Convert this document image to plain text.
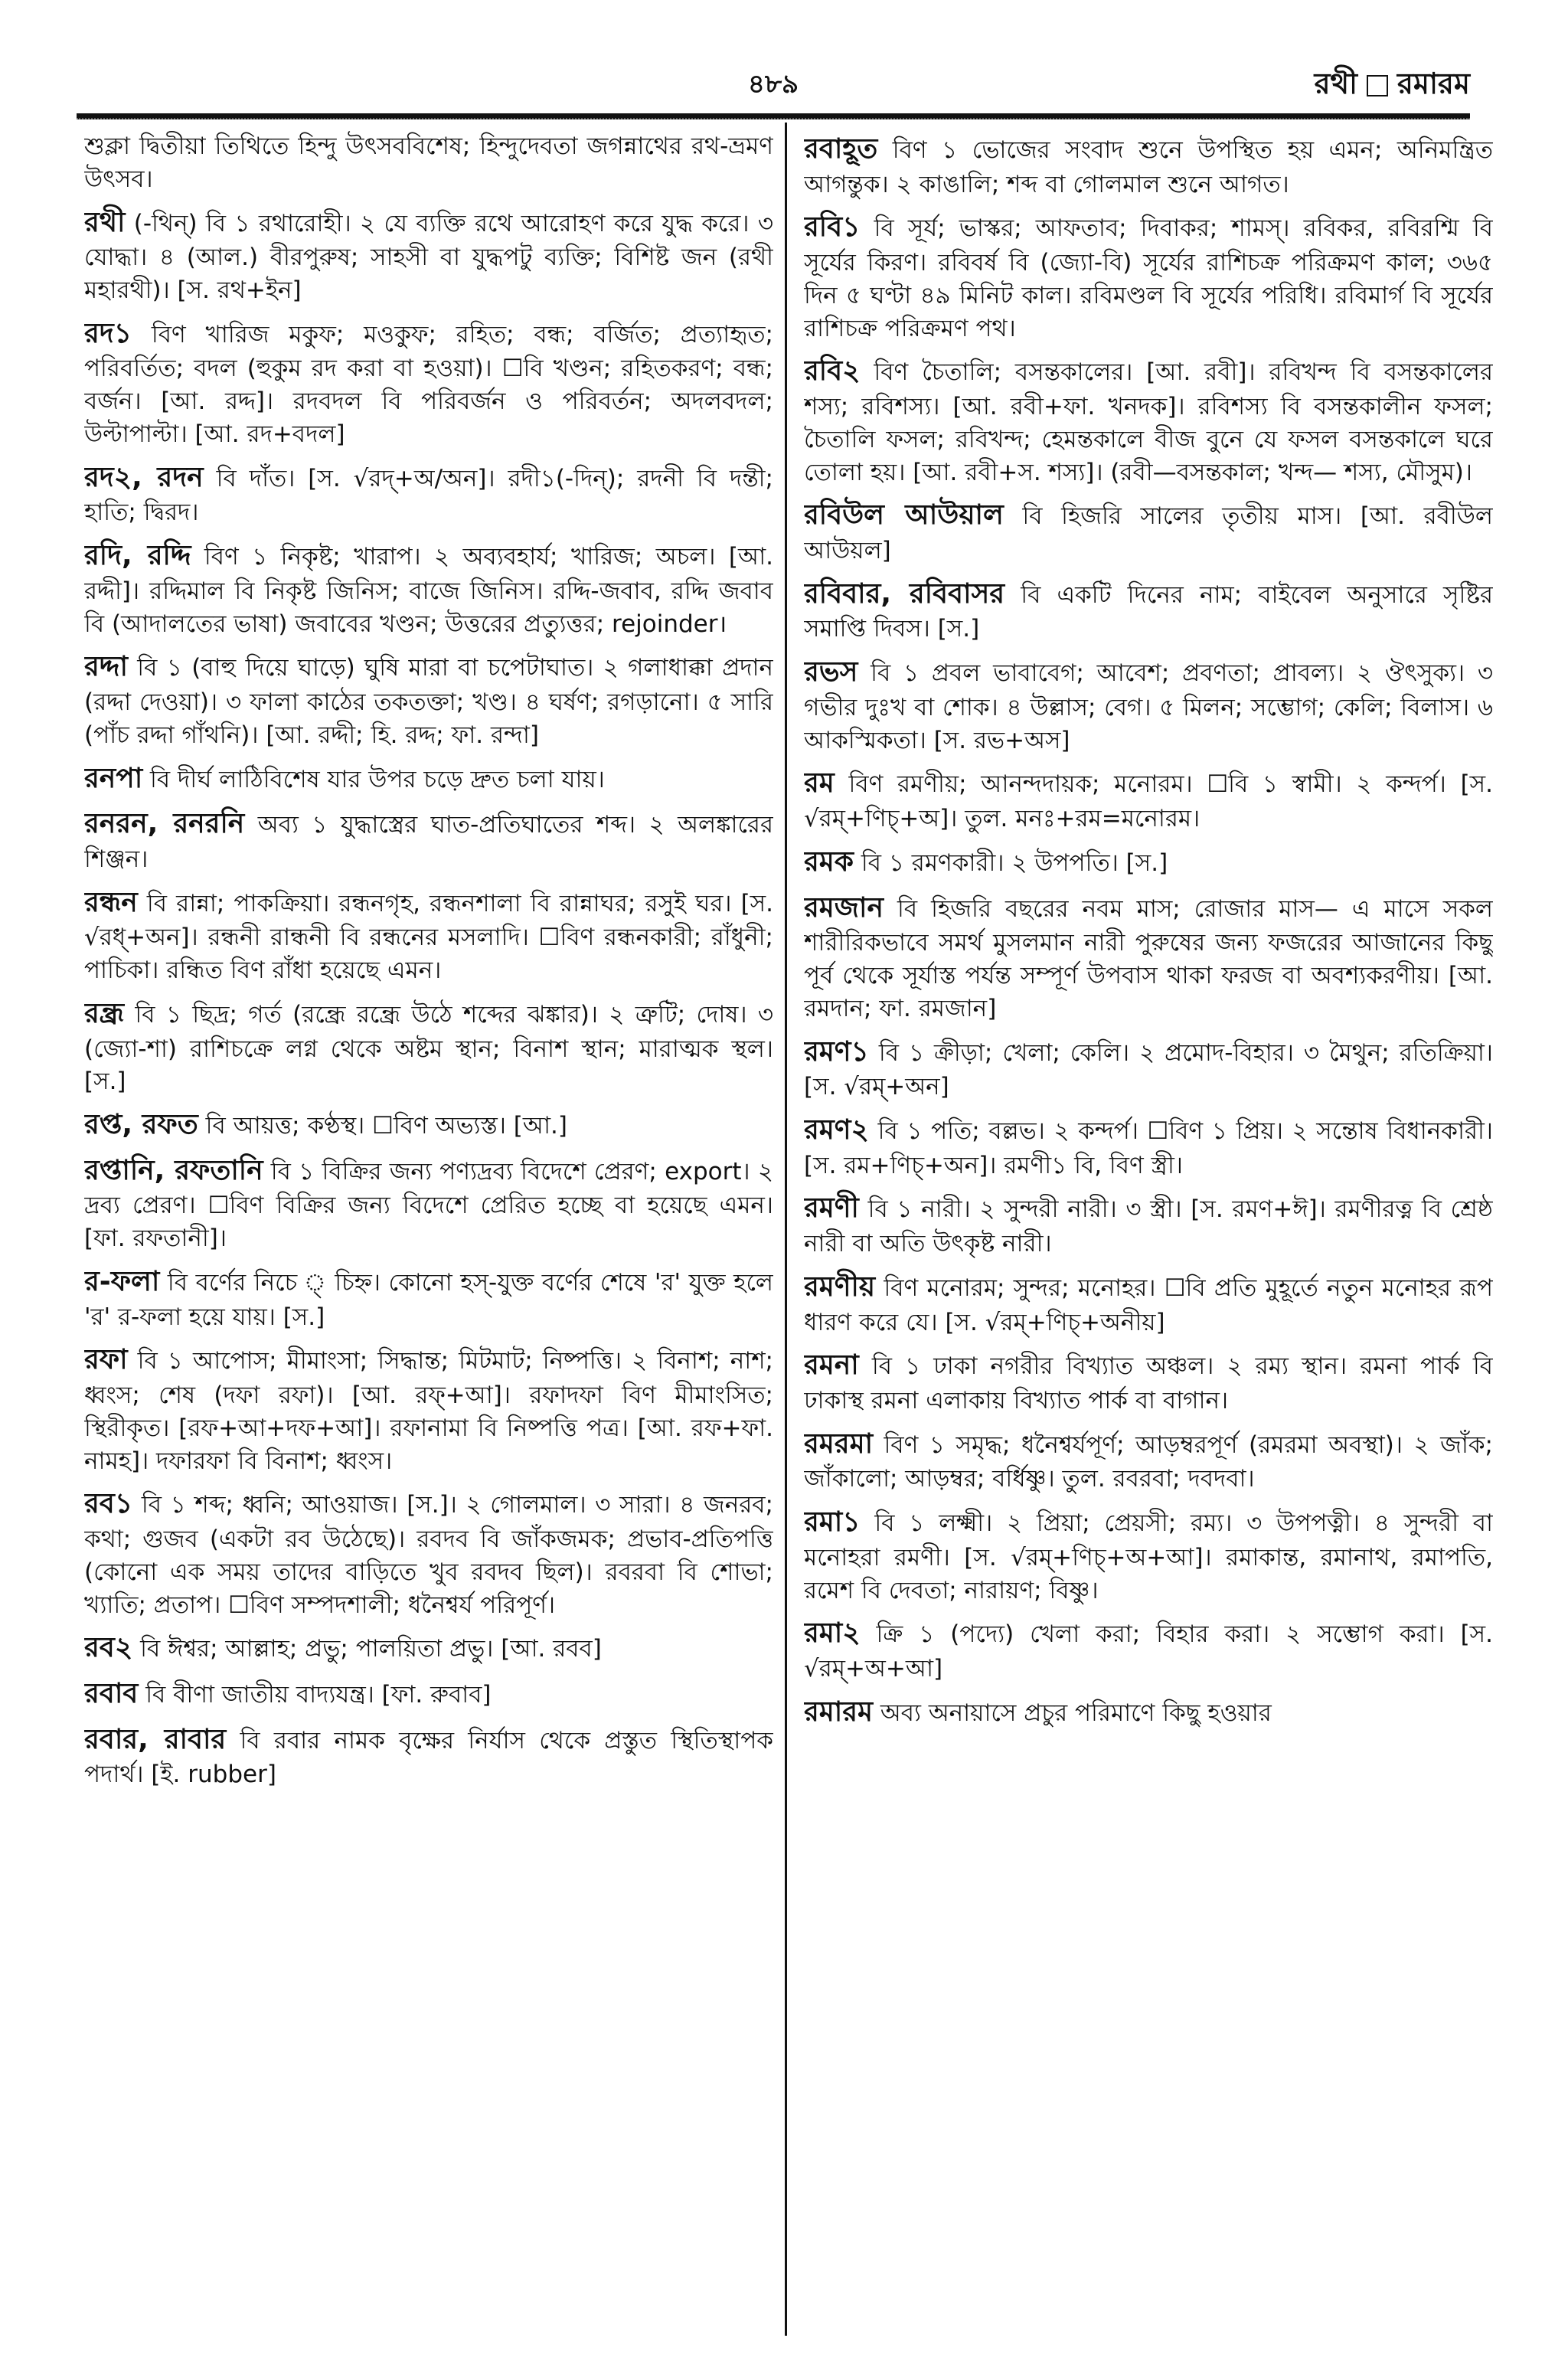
৪৮৯	রথী রমারম

শুক্লা দ্বিতীয়া তিথিতে হিন্দু উৎসববিশেষ; হিন্দুদেবতা জগন্নাথের রথ-ভ্রমণ উৎসব।

রথী (-থিন্) বি ১ রথারোহী। ২ যে ব্যক্তি রথে আরোহণ করে যুদ্ধ করে। ৩ যোদ্ধা। ৪ (আল.) বীরপুরুষ; সাহসী বা যুদ্ধপটু ব্যক্তি; বিশিষ্ট জন (রথী মহারথী)। [স. রথ+ইন]

রদ১ বিণ খারিজ মকুফ; মওকুফ; রহিত; বন্ধ; বর্জিত; প্রত্যাহৃত; পরিবর্তিত; বদল (হুকুম রদ করা বা হওয়া)। ☐বি খণ্ডন; রহিতকরণ; বন্ধ; বর্জন। [আ. রদ্দ]। রদবদল বি পরিবর্জন ও পরিবর্তন; অদলবদল; উল্টাপাল্টা। [আ. রদ+বদল]

রদ২, রদন বি দাঁত। [স. √রদ্+অ/অন]। রদী১(-দিন্); রদনী বি দন্তী; হাতি; দ্বিরদ।

রদি, রদ্দি বিণ ১ নিকৃষ্ট; খারাপ। ২ অব্যবহার্য; খারিজ; অচল। [আ. রদ্দী]। রদ্দিমাল বি নিকৃষ্ট জিনিস; বাজে জিনিস। রদ্দি-জবাব, রদ্দি জবাব বি (আদালতের ভাষা) জবাবের খণ্ডন; উত্তরের প্রত্যুত্তর; rejoinder।

রদ্দা বি ১ (বাহু দিয়ে ঘাড়ে) ঘুষি মারা বা চপেটাঘাত। ২ গলাধাক্কা প্রদান (রদ্দা দেওয়া)। ৩ ফালা কাঠের তকতক্তা; খণ্ড। ৪ ঘর্ষণ; রগড়ানো। ৫ সারি (পাঁচ রদ্দা গাঁথনি)। [আ. রদ্দী; হি. রদ্দ; ফা. রন্দা]

রনপা বি দীর্ঘ লাঠিবিশেষ যার উপর চড়ে দ্রুত চলা যায়।

রনরন, রনরনি অব্য ১ যুদ্ধাস্ত্রের ঘাত-প্রতিঘাতের শব্দ। ২ অলঙ্কারের শিঞ্জন।

রন্ধন বি রান্না; পাকক্রিয়া। রন্ধনগৃহ, রন্ধনশালা বি রান্নাঘর; রসুই ঘর। [স. √রধ্+অন]। রন্ধনী রান্ধনী বি রন্ধনের মসলাদি। ☐বিণ রন্ধনকারী; রাঁধুনী; পাচিকা। রন্ধিত বিণ রাঁধা হয়েছে এমন।

রন্ধ্র বি ১ ছিদ্র; গর্ত (রন্ধ্রে রন্ধ্রে উঠে শব্দের ঝঙ্কার)। ২ ত্রুটি; দোষ। ৩ (জ্যো-শা) রাশিচক্রে লগ্ন থেকে অষ্টম স্থান; বিনাশ স্থান; মারাত্মক স্থল। [স.]

রপ্ত, রফত বি আয়ত্ত; কণ্ঠস্থ। ☐বিণ অভ্যস্ত। [আ.]

রপ্তানি, রফতানি বি ১ বিক্রির জন্য পণ্যদ্রব্য বিদেশে প্রেরণ; export। ২ দ্রব্য প্রেরণ। ☐বিণ বিক্রির জন্য বিদেশে প্রেরিত হচ্ছে বা হয়েছে এমন। [ফা. রফতানী]।

র-ফলা বি বর্ণের নিচে ্ চিহ্ন। কোনো হস্-যুক্ত বর্ণের শেষে 'র' যুক্ত হলে 'র' র-ফলা হয়ে যায়। [স.]

রফা বি ১ আপোস; মীমাংসা; সিদ্ধান্ত; মিটমাট; নিষ্পত্তি। ২ বিনাশ; নাশ; ধ্বংস; শেষ (দফা রফা)। [আ. রফ্+আ]। রফাদফা বিণ মীমাংসিত; স্থিরীকৃত। [রফ+আ+দফ+আ]। রফানামা বি নিষ্পত্তি পত্র। [আ. রফ+ফা. নামহ]। দফারফা বি বিনাশ; ধ্বংস।

রব১ বি ১ শব্দ; ধ্বনি; আওয়াজ। [স.]। ২ গোলমাল। ৩ সারা। ৪ জনরব; কথা; গুজব (একটা রব উঠেছে)। রবদব বি জাঁকজমক; প্রভাব-প্রতিপত্তি (কোনো এক সময় তাদের বাড়িতে খুব রবদব ছিল)। রবরবা বি শোভা; খ্যাতি; প্রতাপ। ☐বিণ সম্পদশালী; ধনৈশ্বর্য পরিপূর্ণ।

রব২ বি ঈশ্বর; আল্লাহ; প্রভু; পালয়িতা প্রভু। [আ. রবব]

রবাব বি বীণা জাতীয় বাদ্যযন্ত্র। [ফা. রুবাব]

রবার, রাবার বি রবার নামক বৃক্ষের নির্যাস থেকে প্রস্তুত স্থিতিস্থাপক পদার্থ। [ই. rubber]

রবাহূত বিণ ১ ভোজের সংবাদ শুনে উপস্থিত হয় এমন; অনিমন্ত্রিত আগন্তুক। ২ কাঙালি; শব্দ বা গোলমাল শুনে আগত।

রবি১ বি সূর্য; ভাস্কর; আফতাব; দিবাকর; শামস্। রবিকর, রবিরশ্মি বি সূর্যের কিরণ। রবিবর্ষ বি (জ্যো-বি) সূর্যের রাশিচক্র পরিক্রমণ কাল; ৩৬৫ দিন ৫ ঘণ্টা ৪৯ মিনিট কাল। রবিমণ্ডল বি সূর্যের পরিধি। রবিমার্গ বি সূর্যের রাশিচক্র পরিক্রমণ পথ।

রবি২ বিণ চৈতালি; বসন্তকালের। [আ. রবী]। রবিখন্দ বি বসন্তকালের শস্য; রবিশস্য। [আ. রবী+ফা. খনদক]। রবিশস্য বি বসন্তকালীন ফসল; চৈতালি ফসল; রবিখন্দ; হেমন্তকালে বীজ বুনে যে ফসল বসন্তকালে ঘরে তোলা হয়। [আ. রবী+স. শস্য]। (রবী—বসন্তকাল; খন্দ— শস্য, মৌসুম)।

রবিউল আউয়াল বি হিজরি সালের তৃতীয় মাস। [আ. রবীউল আউয়ল]

রবিবার, রবিবাসর বি একটি দিনের নাম; বাইবেল অনুসারে সৃষ্টির সমাপ্তি দিবস। [স.]

রভস বি ১ প্রবল ভাবাবেগ; আবেশ; প্রবণতা; প্রাবল্য। ২ ঔৎসুক্য। ৩ গভীর দুঃখ বা শোক। ৪ উল্লাস; বেগ। ৫ মিলন; সম্ভোগ; কেলি; বিলাস। ৬ আকস্মিকতা। [স. রভ+অস]

রম বিণ রমণীয়; আনন্দদায়ক; মনোরম। ☐বি ১ স্বামী। ২ কন্দর্প। [স. √রম্+ণিচ্+অ]। তুল. মনঃ+রম=মনোরম।

রমক বি ১ রমণকারী। ২ উপপতি। [স.]

রমজান বি হিজরি বছরের নবম মাস; রোজার মাস— এ মাসে সকল শারীরিকভাবে সমর্থ মুসলমান নারী পুরুষের জন্য ফজরের আজানের কিছু পূর্ব থেকে সূর্যাস্ত পর্যন্ত সম্পূর্ণ উপবাস থাকা ফরজ বা অবশ্যকরণীয়। [আ. রমদান; ফা. রমজান]

রমণ১ বি ১ ক্রীড়া; খেলা; কেলি। ২ প্রমোদ-বিহার। ৩ মৈথুন; রতিক্রিয়া। [স. √রম্+অন]

রমণ২ বি ১ পতি; বল্লভ। ২ কন্দর্প। ☐বিণ ১ প্রিয়। ২ সন্তোষ বিধানকারী। [স. রম+ণিচ্+অন]। রমণী১ বি, বিণ স্ত্রী।

রমণী বি ১ নারী। ২ সুন্দরী নারী। ৩ স্ত্রী। [স. রমণ+ঈ]। রমণীরত্ন বি শ্রেষ্ঠ নারী বা অতি উৎকৃষ্ট নারী।

রমণীয় বিণ মনোরম; সুন্দর; মনোহর। ☐বি প্রতি মুহূর্তে নতুন মনোহর রূপ ধারণ করে যে। [স. √রম্+ণিচ্+অনীয়]

রমনা বি ১ ঢাকা নগরীর বিখ্যাত অঞ্চল। ২ রম্য স্থান। রমনা পার্ক বি ঢাকাস্থ রমনা এলাকায় বিখ্যাত পার্ক বা বাগান।

রমরমা বিণ ১ সমৃদ্ধ; ধনৈশ্বর্যপূর্ণ; আড়ম্বরপূর্ণ (রমরমা অবস্থা)। ২ জাঁক; জাঁকালো; আড়ম্বর; বর্ধিষ্ণু। তুল. রবরবা; দবদবা।

রমা১ বি ১ লক্ষ্মী। ২ প্রিয়া; প্রেয়সী; রম্য। ৩ উপপত্নী। ৪ সুন্দরী বা মনোহরা রমণী। [স. √রম্+ণিচ্+অ+আ]। রমাকান্ত, রমানাথ, রমাপতি, রমেশ বি দেবতা; নারায়ণ; বিষ্ণু।

রমা২ ক্রি ১ (পদ্যে) খেলা করা; বিহার করা। ২ সম্ভোগ করা। [স. √রম্+অ+আ]

রমারম অব্য অনায়াসে প্রচুর পরিমাণে কিছু হওয়ার
